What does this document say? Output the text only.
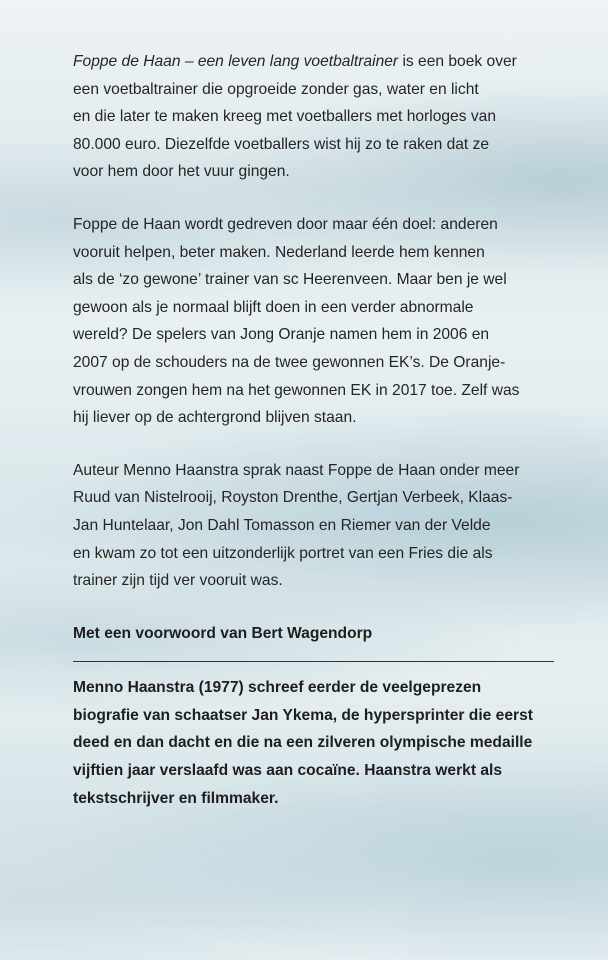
Foppe de Haan – een leven lang voetbaltrainer is een boek over
een voetbaltrainer die opgroeide zonder gas, water en licht
en die later te maken kreeg met voetballers met horloges van
80.000 euro. Diezelfde voetballers wist hij zo te raken dat ze
voor hem door het vuur gingen.

Foppe de Haan wordt gedreven door maar één doel: anderen
vooruit helpen, beter maken. Nederland leerde hem kennen
als de ‘zo gewone’ trainer van sc Heerenveen. Maar ben je wel
gewoon als je normaal blijft doen in een verder abnormale
wereld? De spelers van Jong Oranje namen hem in 2006 en
2007 op de schouders na de twee gewonnen EK’s. De Oranje-
vrouwen zongen hem na het gewonnen EK in 2017 toe. Zelf was
hij liever op de achtergrond blijven staan.

Auteur Menno Haanstra sprak naast Foppe de Haan onder meer
Ruud van Nistelrooij, Royston Drenthe, Gertjan Verbeek, Klaas-
Jan Huntelaar, Jon Dahl Tomasson en Riemer van der Velde
en kwam zo tot een uitzonderlijk portret van een Fries die als
trainer zijn tijd ver vooruit was.

Met een voorwoord van Bert Wagendorp

Menno Haanstra (1977) schreef eerder de veelgeprezen
biografie van schaatser Jan Ykema, de hypersprinter die eerst
deed en dan dacht en die na een zilveren olympische medaille
vijftien jaar verslaafd was aan cocaïne. Haanstra werkt als
tekstschrijver en filmmaker.
